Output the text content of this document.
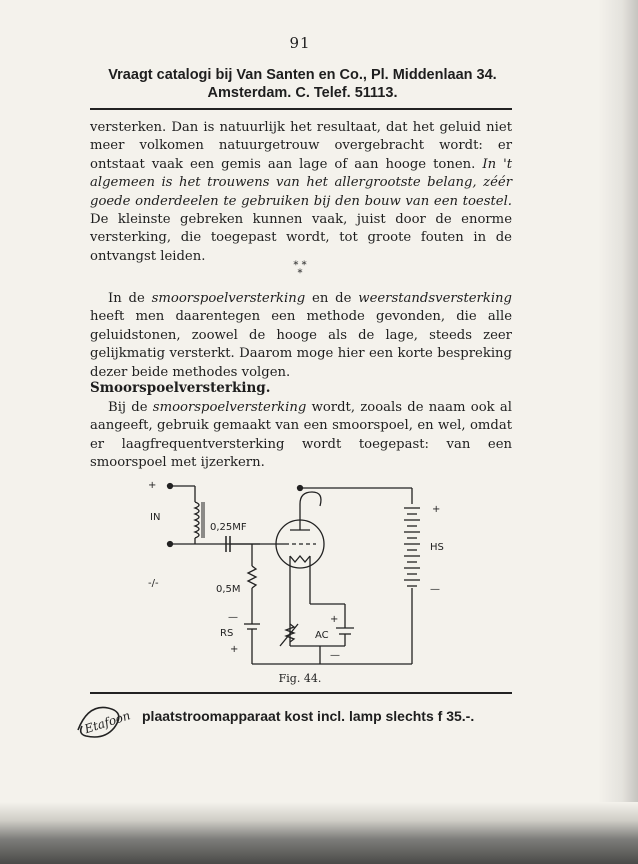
91
Vraagt catalogi bij Van Santen en Co., Pl. Middenlaan 34.
Amsterdam. C. Telef. 51113.

versterken. Dan is natuurlijk het resultaat, dat het geluid niet meer volkomen natuurgetrouw overgebracht wordt: er ontstaat vaak een gemis aan lage of aan hooge tonen. In 't algemeen is het trouwens van het allergrootste belang, zéér goede onderdeelen te gebruiken bij den bouw van een toestel. De kleinste gebreken kunnen vaak, juist door de enorme versterking, die toegepast wordt, tot groote fouten in de ontvangst leiden.

* *
*

In de smoorspoelversterking en de weerstandsversterking heeft men daarentegen een methode gevonden, die alle geluidstonen, zoowel de hooge als de lage, steeds zeer gelijkmatig versterkt. Daarom moge hier een korte bespreking dezer beide methodes volgen.

Smoorspoelversterking.

Bij de smoorspoelversterking wordt, zooals de naam ook al aangeeft, gebruik gemaakt van een smoorspoel, en wel, omdat er laagfrequentversterking wordt toegepast: van een smoorspoel met ijzerkern.

+
IN
0,25MF
-/-
0,5M
—
RS
+
+
AC
—
+
HS
—
Fig. 44.
Etafoon plaatstroomapparaat kost incl. lamp slechts f 35.-.
